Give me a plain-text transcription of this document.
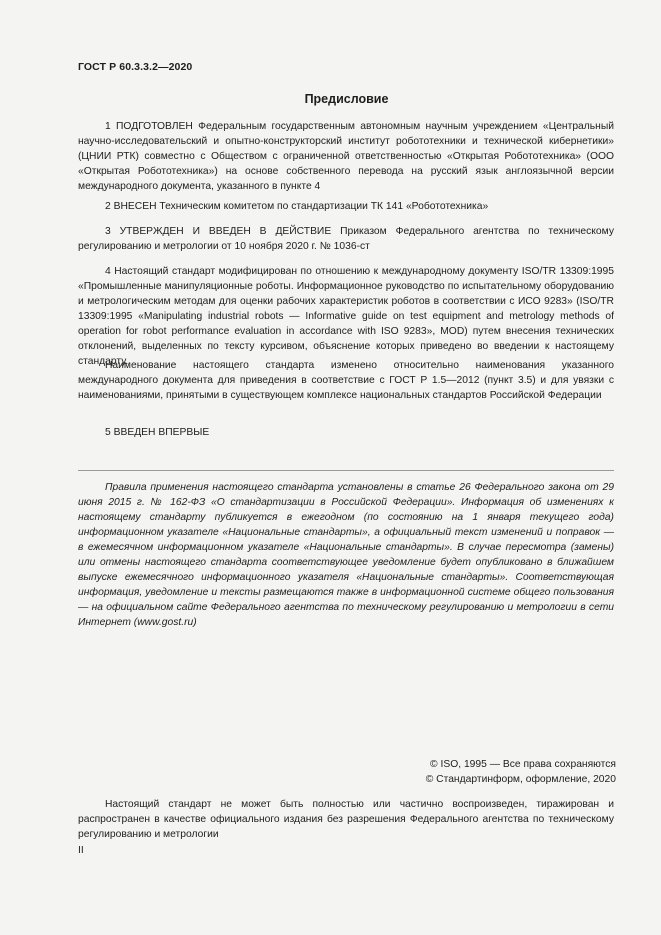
ГОСТ Р 60.3.3.2—2020
Предисловие

1 ПОДГОТОВЛЕН Федеральным государственным автономным научным учреждением «Центральный научно-исследовательский и опытно-конструкторский институт робототехники и технической кибернетики» (ЦНИИ РТК) совместно с Обществом с ограниченной ответственностью «Открытая Робототехника» (ООО «Открытая Робототехника») на основе собственного перевода на русский язык англоязычной версии международного документа, указанного в пункте 4

2 ВНЕСЕН Техническим комитетом по стандартизации ТК 141 «Робототехника»

3 УТВЕРЖДЕН И ВВЕДЕН В ДЕЙСТВИЕ Приказом Федерального агентства по техническому регулированию и метрологии от 10 ноября 2020 г. № 1036-ст

4 Настоящий стандарт модифицирован по отношению к международному документу ISO/TR 13309:1995 «Промышленные манипуляционные роботы. Информационное руководство по испытательному оборудованию и метрологическим методам для оценки рабочих характеристик роботов в соответствии с ИСО 9283» (ISO/TR 13309:1995 «Manipulating industrial robots — Informative guide on test equipment and metrology methods of operation for robot performance evaluation in accordance with ISO 9283», MOD) путем внесения технических отклонений, выделенных по тексту курсивом, объяснение которых приведено во введении к настоящему стандарту.

Наименование настоящего стандарта изменено относительно наименования указанного международного документа для приведения в соответствие с ГОСТ Р 1.5—2012 (пункт 3.5) и для увязки с наименованиями, принятыми в существующем комплексе национальных стандартов Российской Федерации

5 ВВЕДЕН ВПЕРВЫЕ

Правила применения настоящего стандарта установлены в статье 26 Федерального закона от 29 июня 2015 г. № 162-ФЗ «О стандартизации в Российской Федерации». Информация об изменениях к настоящему стандарту публикуется в ежегодном (по состоянию на 1 января текущего года) информационном указателе «Национальные стандарты», а официальный текст изменений и поправок — в ежемесячном информационном указателе «Национальные стандарты». В случае пересмотра (замены) или отмены настоящего стандарта соответствующее уведомление будет опубликовано в ближайшем выпуске ежемесячного информационного указателя «Национальные стандарты». Соответствующая информация, уведомление и тексты размещаются также в информационной системе общего пользования — на официальном сайте Федерального агентства по техническому регулированию и метрологии в сети Интернет (www.gost.ru)

© ISO, 1995 — Все права сохраняются
© Стандартинформ, оформление, 2020

Настоящий стандарт не может быть полностью или частично воспроизведен, тиражирован и распространен в качестве официального издания без разрешения Федерального агентства по техническому регулированию и метрологии

II
